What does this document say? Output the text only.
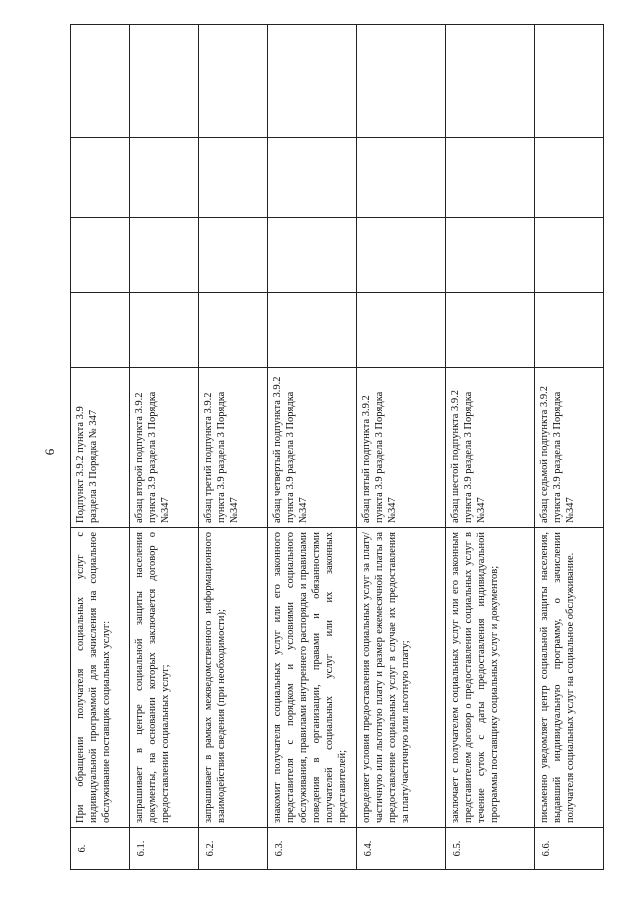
6
6.	При обращении получателя социальных услуг с индивидуальной программой для зачисления на социальное обслуживание поставщик социальных услуг:	Подпункт 3.9.2 пункта 3.9 раздела 3 Порядка № 347				
6.1.	запрашивает в центре социальной защиты населения документы, на основании которых заключается договор о предоставлении социальных услуг;	абзац второй подпункта 3.9.2 пункта 3.9 раздела 3 Порядка №347				
6.2.	запрашивает в рамках межведомственного информационного взаимодействия сведения (при необходимости);	абзац третий подпункта 3.9.2 пункта 3.9 раздела 3 Порядка №347				
6.3.	знакомит получателя социальных услуг или его законного представителя с порядком и условиями социального обслуживания, правилами внутреннего распорядка и правилами поведения в организации, правами и обязанностями получателей социальных услуг или их законных представителей;	абзац четвертый подпункта 3.9.2 пункта 3.9 раздела 3 Порядка №347				
6.4.	определяет условия предоставления социальных услуг за плату/частичную или льготную плату и размер ежемесячной платы за предоставление социальных услуг в случае их предоставления за плату/частичную или льготную плату;	абзац пятый подпункта 3.9.2 пункта 3.9 раздела 3 Порядка №347				
6.5.	заключает с получателем социальных услуг или его законным представителем договор о предоставлении социальных услуг в течение суток с даты предоставления индивидуальной программы поставщику социальных услуг и документов;	абзац шестой подпункта 3.9.2 пункта 3.9 раздела 3 Порядка №347				
6.6.	письменно уведомляет центр социальной защиты населения, выдавший индивидуальную программу, о зачислении получателя социальных услуг на социальное обслуживание.	абзац седьмой подпункта 3.9.2 пункта 3.9 раздела 3 Порядка №347				
